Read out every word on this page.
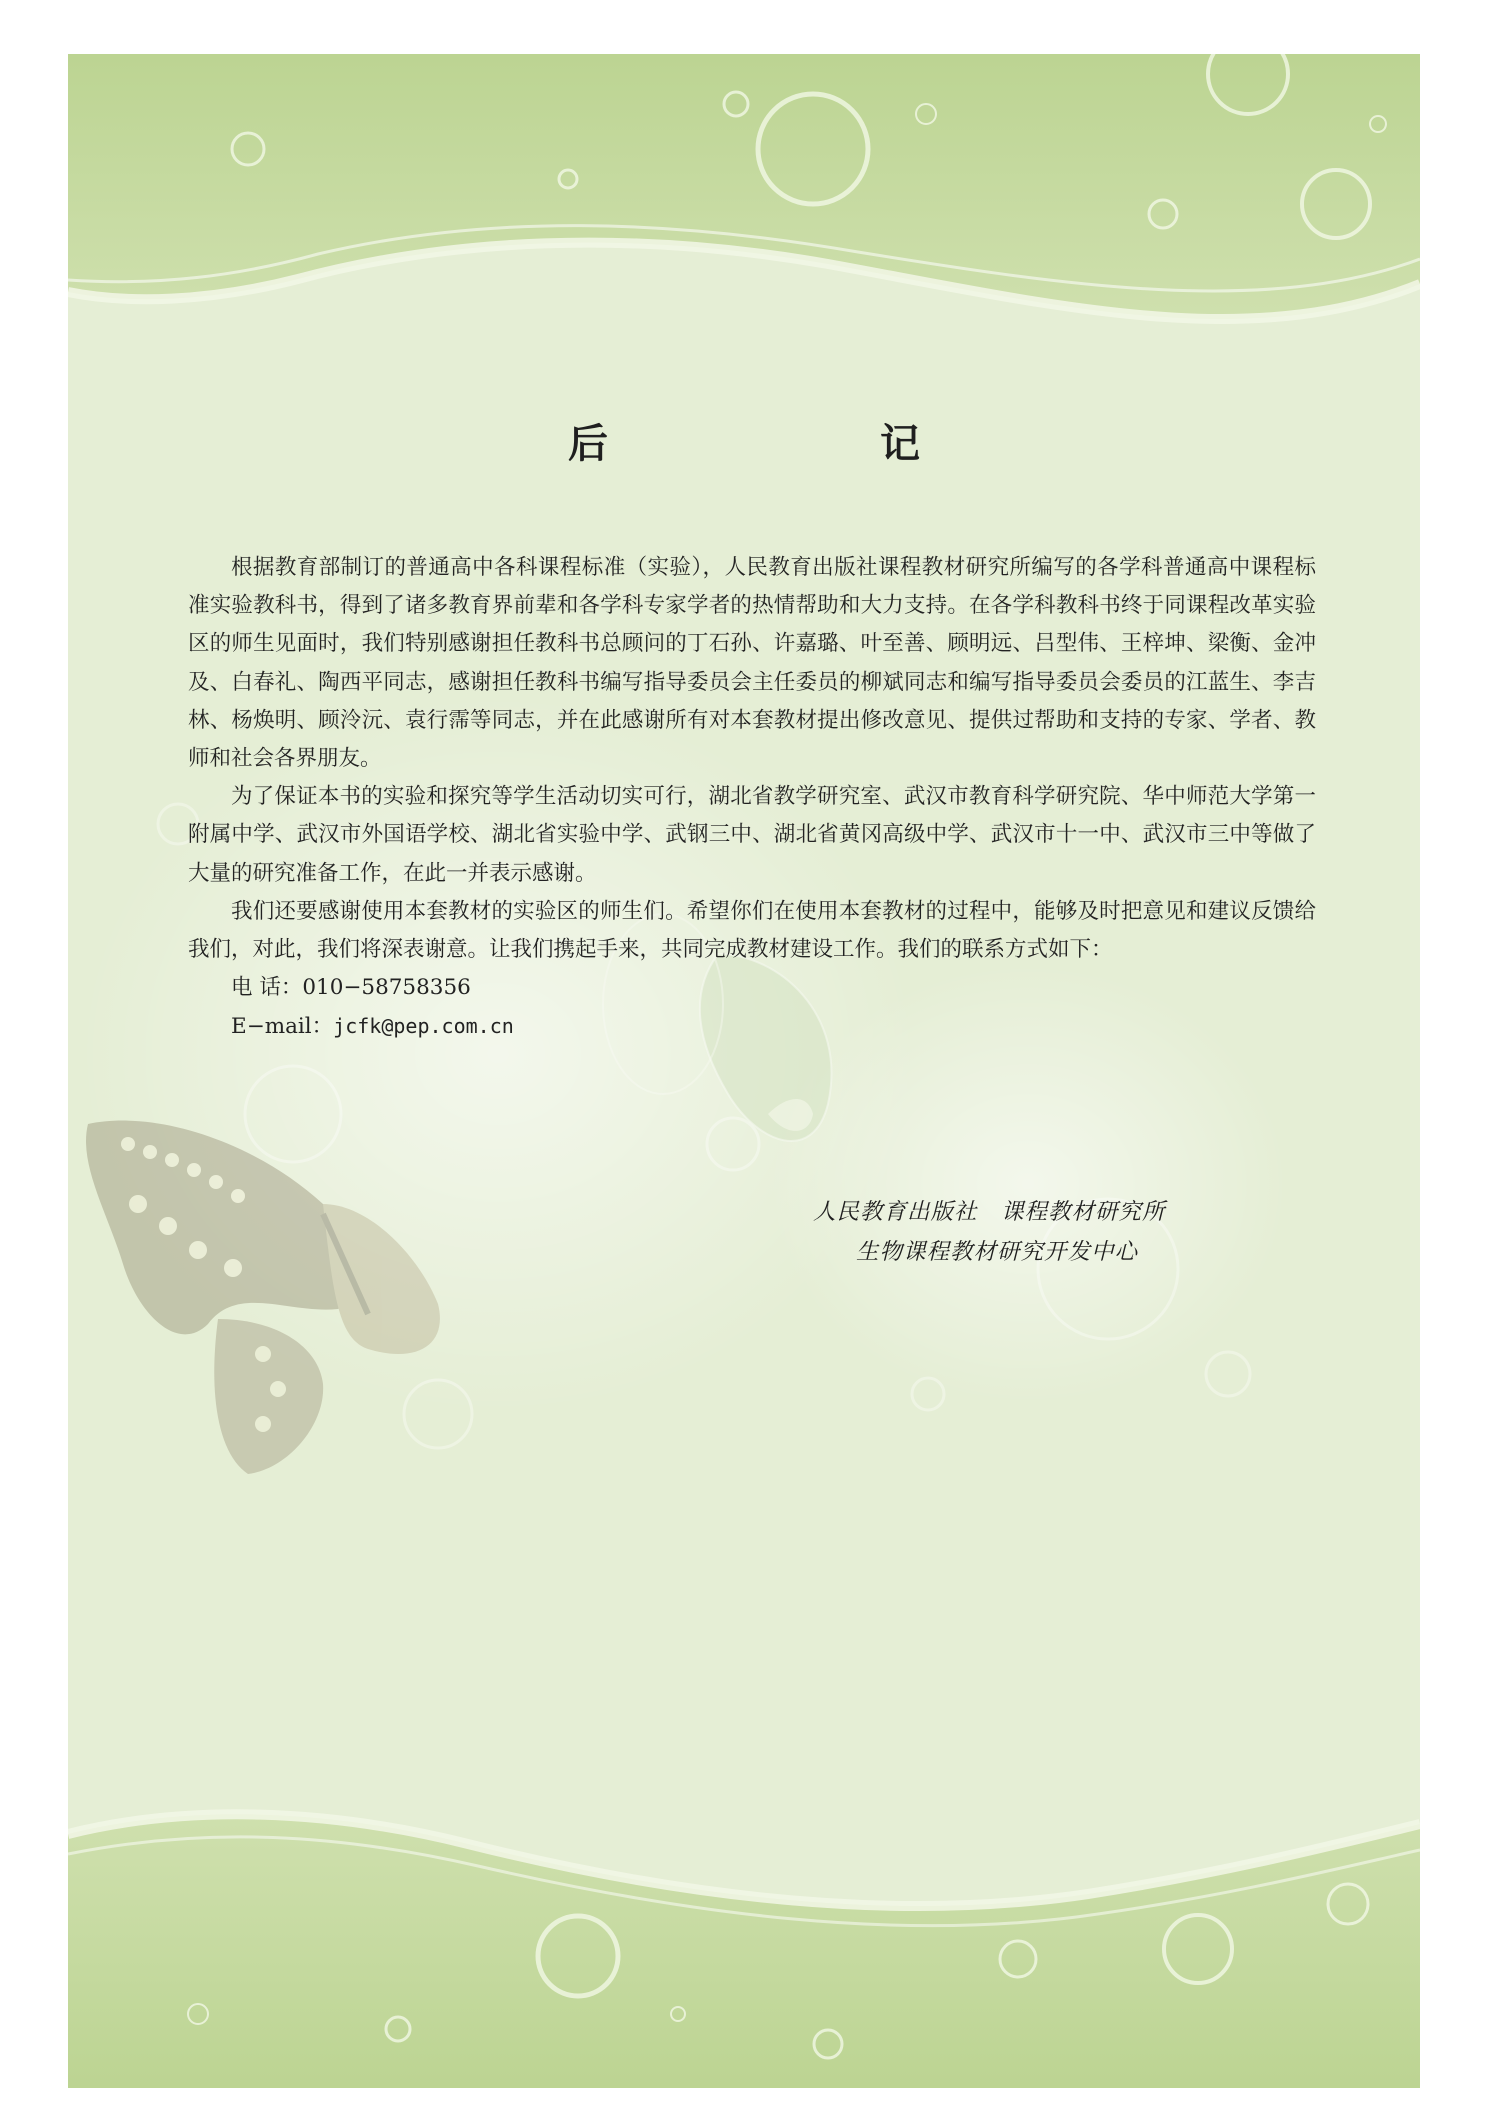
后　　记

根据教育部制订的普通高中各科课程标准（实验），人民教育出版社课程教材研究所编写的各学科普通高中课程标准实验教科书，得到了诸多教育界前辈和各学科专家学者的热情帮助和大力支持。在各学科教科书终于同课程改革实验区的师生见面时，我们特别感谢担任教科书总顾问的丁石孙、许嘉璐、叶至善、顾明远、吕型伟、王梓坤、梁衡、金冲及、白春礼、陶西平同志，感谢担任教科书编写指导委员会主任委员的柳斌同志和编写指导委员会委员的江蓝生、李吉林、杨焕明、顾泠沅、袁行霈等同志，并在此感谢所有对本套教材提出修改意见、提供过帮助和支持的专家、学者、教师和社会各界朋友。

为了保证本书的实验和探究等学生活动切实可行，湖北省教学研究室、武汉市教育科学研究院、华中师范大学第一附属中学、武汉市外国语学校、湖北省实验中学、武钢三中、湖北省黄冈高级中学、武汉市十一中、武汉市三中等做了大量的研究准备工作，在此一并表示感谢。

我们还要感谢使用本套教材的实验区的师生们。希望你们在使用本套教材的过程中，能够及时把意见和建议反馈给我们，对此，我们将深表谢意。让我们携起手来，共同完成教材建设工作。我们的联系方式如下：

电 话：010−58758356
E−mail：jcfk@pep.com.cn
人民教育出版社　课程教材研究所
生物课程教材研究开发中心
